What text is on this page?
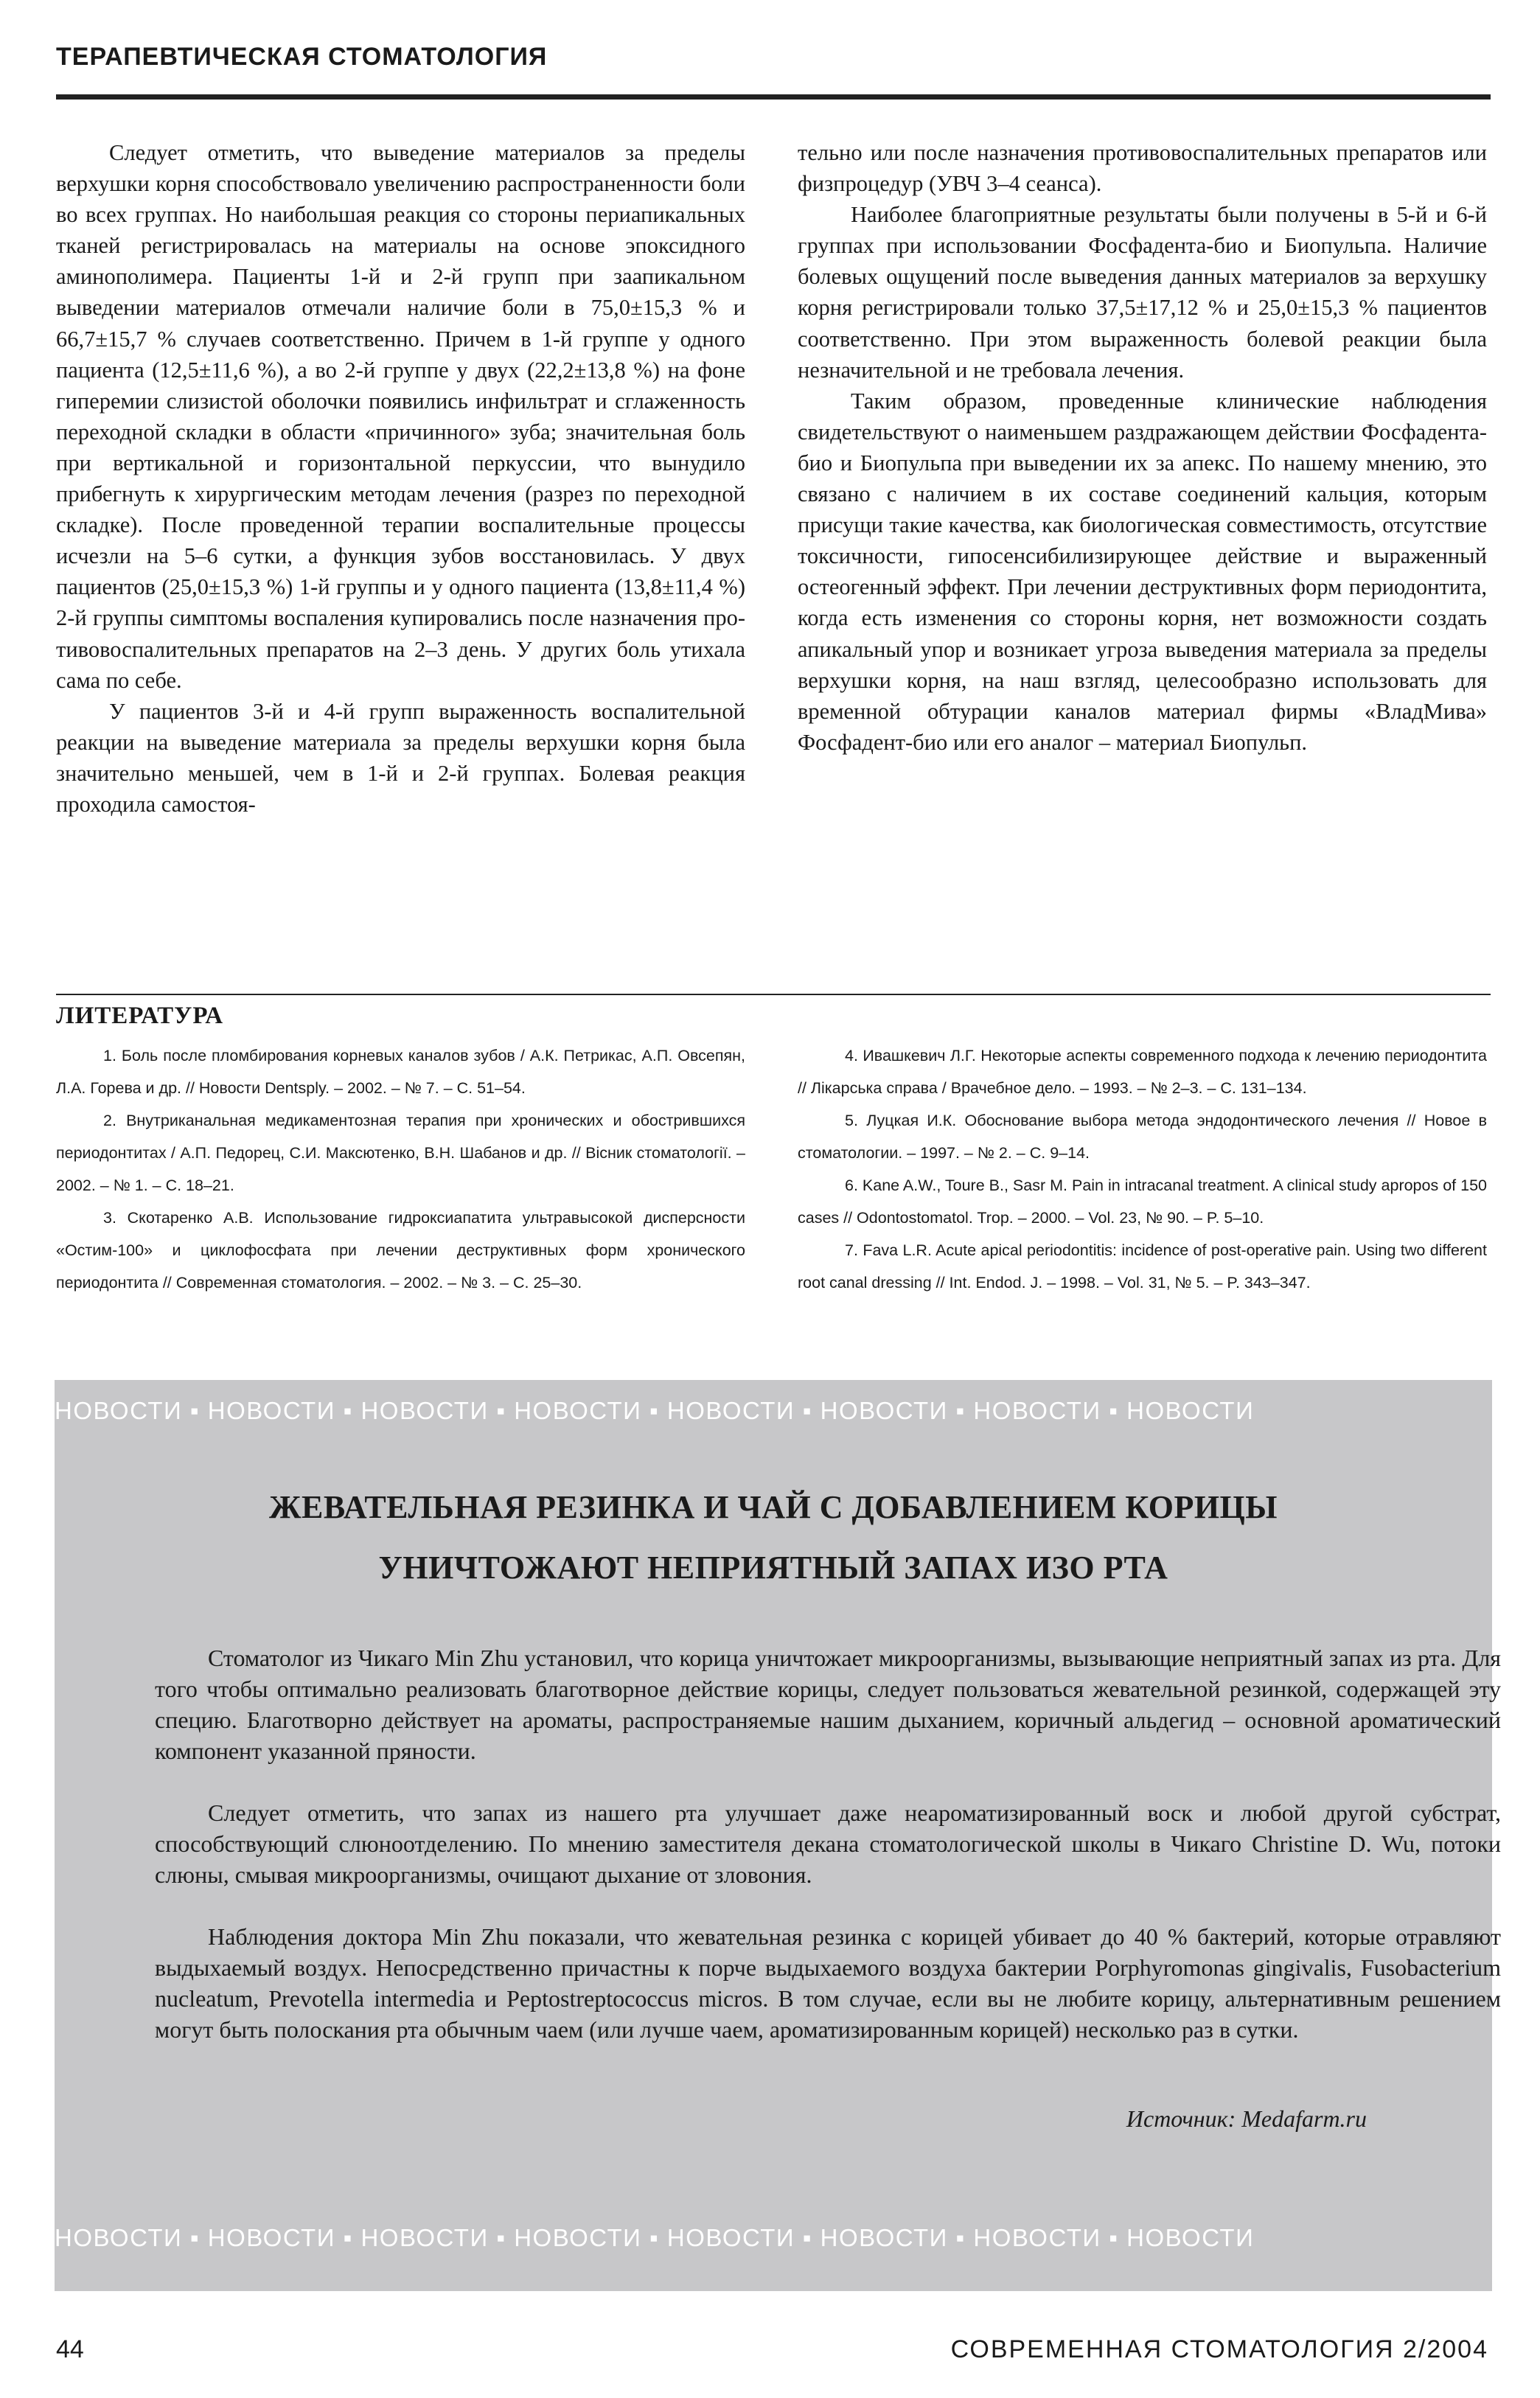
ТЕРАПЕВТИЧЕСКАЯ СТОМАТОЛОГИЯ

Следует отметить, что выведение материалов за пределы верхушки корня способствовало увеличению распространенности боли во всех группах. Но наибольшая реакция со стороны периапикальных тканей регистрировалась на материалы на основе эпоксидного аминополимера. Пациенты 1-й и 2-й групп при заапикальном выведении материалов отмечали наличие боли в 75,0±15,3 % и 66,7±15,7 % случаев соответственно. Причем в 1-й группе у одного пациента (12,5±11,6 %), а во 2-й группе у двух (22,2±13,8 %) на фоне гиперемии слизистой оболочки появились инфильтрат и сглаженность переходной складки в области «причинного» зуба; значительная боль при вертикальной и горизонтальной перкуссии, что вынудило прибегнуть к хирургическим методам лечения (разрез по переходной складке). После проведенной терапии воспалительные процессы исчезли на 5–6 сутки, а функция зубов восстановилась. У двух пациентов (25,0±15,3 %) 1-й группы и у одного пациента (13,8±11,4 %) 2-й группы симптомы воспаления купировались после назначения противовоспалительных препаратов на 2–3 день. У других боль утихала сама по себе.

У пациентов 3-й и 4-й групп выраженность воспалительной реакции на выведение материала за пределы верхушки корня была значительно меньшей, чем в 1-й и 2-й группах. Болевая реакция проходила самостоя-

тельно или после назначения противовоспалительных препаратов или физпроцедур (УВЧ 3–4 сеанса).

Наиболее благоприятные результаты были получены в 5-й и 6-й группах при использовании Фосфадента-био и Биопульпа. Наличие болевых ощущений после выведения данных материалов за верхушку корня регистрировали только 37,5±17,12 % и 25,0±15,3 % пациентов соответственно. При этом выраженность болевой реакции была незначительной и не требовала лечения.

Таким образом, проведенные клинические наблюдения свидетельствуют о наименьшем раздражающем действии Фосфадента-био и Биопульпа при выведении их за апекс. По нашему мнению, это связано с наличием в их составе соединений кальция, которым присущи такие качества, как биологическая совместимость, отсутствие токсичности, гипосенсибилизирующее действие и выраженный остеогенный эффект. При лечении деструктивных форм периодонтита, когда есть изменения со стороны корня, нет возможности создать апикальный упор и возникает угроза выведения материала за пределы верхушки корня, на наш взгляд, целесообразно использовать для временной обтурации каналов материал фирмы «ВладМива» Фосфадент-био или его аналог – материал Биопульп.

ЛИТЕРАТУРА

1. Боль после пломбирования корневых каналов зубов / А.К. Петрикас, А.П. Овсепян, Л.А. Горева и др. // Новости Dentsply. – 2002. – № 7. – С. 51–54.

2. Внутриканальная медикаментозная терапия при хронических и обострившихся периодонтитах / А.П. Педорец, С.И. Максютенко, В.Н. Шабанов и др. // Вісник стоматології. – 2002. – № 1. – С. 18–21.

3. Скотаренко А.В. Использование гидроксиапатита ультравысокой дисперсности «Остим-100» и циклофосфата при лечении деструктивных форм хронического периодонтита // Современная стоматология. – 2002. – № 3. – С. 25–30.

4. Ивашкевич Л.Г. Некоторые аспекты современного подхода к лечению периодонтита // Лікарська справа / Врачебное дело. – 1993. – № 2–3. – С. 131–134.

5. Луцкая И.К. Обоснование выбора метода эндодонтического лечения // Новое в стоматологии. – 1997. – № 2. – С. 9–14.

6. Kane A.W., Toure B., Sasr M. Pain in intracanal treatment. A clinical study apropos of 150 cases // Odontostomatol. Trop. – 2000. – Vol. 23, № 90. – P. 5–10.

7. Fava L.R. Acute apical periodontitis: incidence of post-operative pain. Using two different root canal dressing // Int. Endod. J. – 1998. – Vol. 31, № 5. – P. 343–347.

НОВОСТИ ▪ НОВОСТИ ▪ НОВОСТИ ▪ НОВОСТИ ▪ НОВОСТИ ▪ НОВОСТИ ▪ НОВОСТИ ▪ НОВОСТИ
ЖЕВАТЕЛЬНАЯ РЕЗИНКА И ЧАЙ С ДОБАВЛЕНИЕМ КОРИЦЫ
УНИЧТОЖАЮТ НЕПРИЯТНЫЙ ЗАПАХ ИЗО РТА

Стоматолог из Чикаго Min Zhu установил, что корица уничтожает микроорганизмы, вызывающие неприятный запах из рта. Для того чтобы оптимально реализовать благотворное действие корицы, следует пользоваться жевательной резинкой, содержащей эту специю. Благотворно действует на ароматы, распространяемые нашим дыханием, коричный альдегид – основной ароматический компонент указанной пряности.

Следует отметить, что запах из нашего рта улучшает даже неароматизированный воск и любой другой субстрат, способствующий слюноотделению. По мнению заместителя декана стоматологической школы в Чикаго Christine D. Wu, потоки слюны, смывая микроорганизмы, очищают дыхание от зловония.

Наблюдения доктора Min Zhu показали, что жевательная резинка с корицей убивает до 40 % бактерий, которые отравляют выдыхаемый воздух. Непосредственно причастны к порче выдыхаемого воздуха бактерии Porphyromonas gingivalis, Fusobacterium nucleatum, Prevotella intermedia и Peptostreptococcus micros. В том случае, если вы не любите корицу, альтернативным решением могут быть полоскания рта обычным чаем (или лучше чаем, ароматизированным корицей) несколько раз в сутки.

Источник: Medafarm.ru
НОВОСТИ ▪ НОВОСТИ ▪ НОВОСТИ ▪ НОВОСТИ ▪ НОВОСТИ ▪ НОВОСТИ ▪ НОВОСТИ ▪ НОВОСТИ
44	СОВРЕМЕННАЯ СТОМАТОЛОГИЯ 2/2004
